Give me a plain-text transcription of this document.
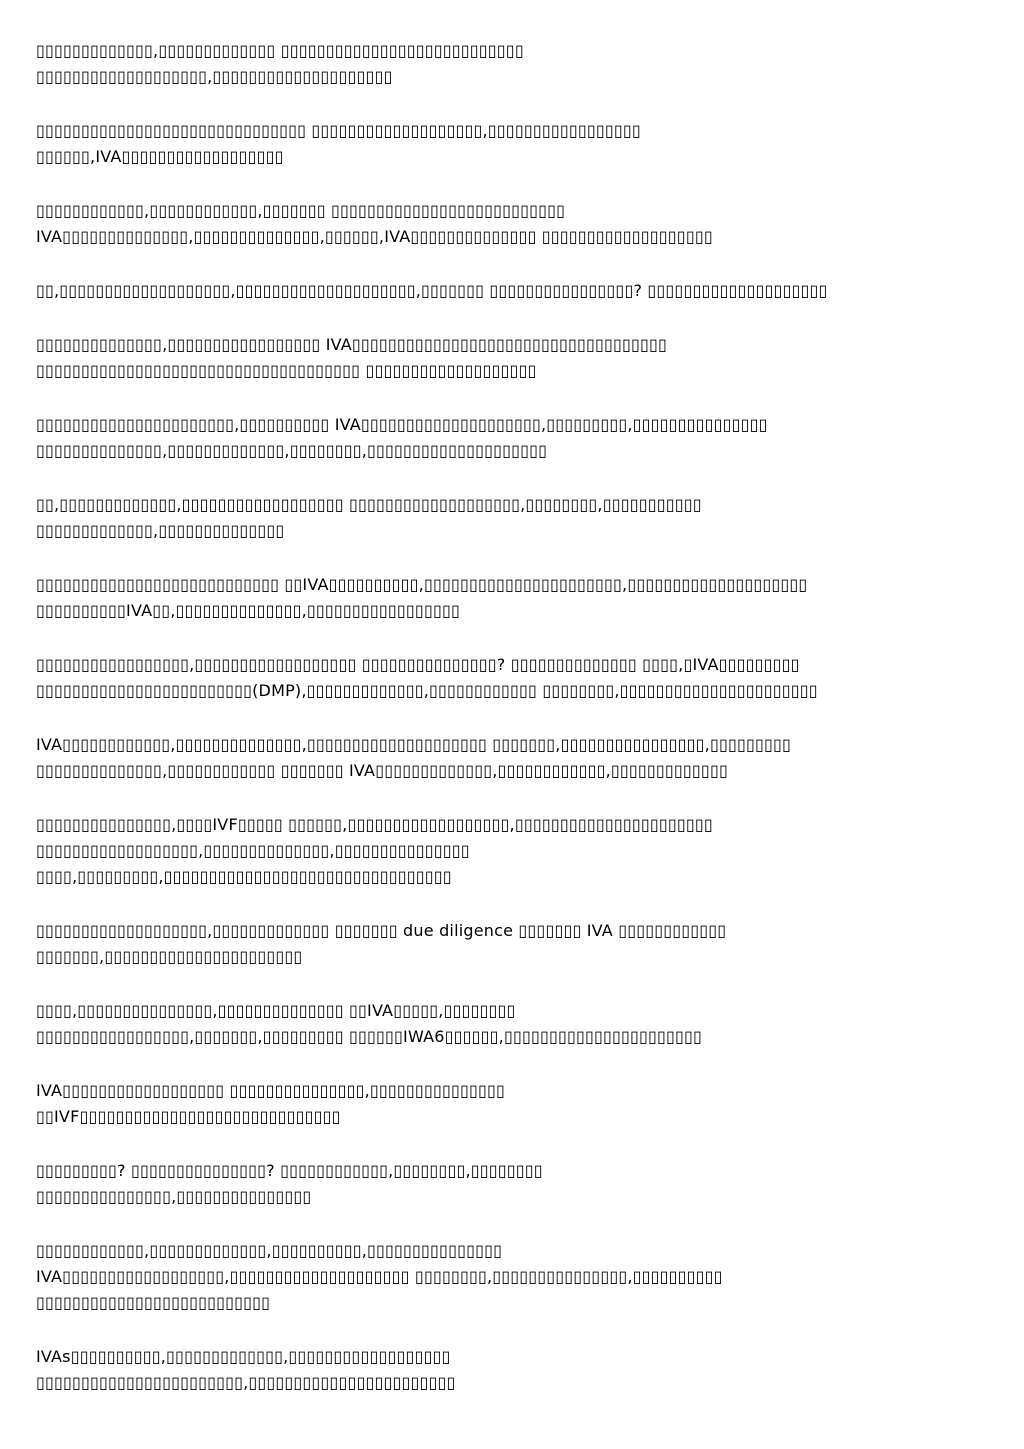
▯▯▯▯▯▯▯▯▯▯▯▯▯,▯▯▯▯▯▯▯▯▯▯▯▯▯ ▯▯▯▯▯▯▯▯▯▯▯▯▯▯▯▯▯▯▯▯▯▯▯▯▯▯▯
▯▯▯▯▯▯▯▯▯▯▯▯▯▯▯▯▯▯▯,▯▯▯▯▯▯▯▯▯▯▯▯▯▯▯▯▯▯▯▯
▯▯▯▯▯▯▯▯▯▯▯▯▯▯▯▯▯▯▯▯▯▯▯▯▯▯▯▯▯▯ ▯▯▯▯▯▯▯▯▯▯▯▯▯▯▯▯▯▯▯,▯▯▯▯▯▯▯▯▯▯▯▯▯▯▯▯▯
▯▯▯▯▯▯,IVA▯▯▯▯▯▯▯▯▯▯▯▯▯▯▯▯▯▯
▯▯▯▯▯▯▯▯▯▯▯▯,▯▯▯▯▯▯▯▯▯▯▯▯,▯▯▯▯▯▯▯ ▯▯▯▯▯▯▯▯▯▯▯▯▯▯▯▯▯▯▯▯▯▯▯▯▯▯
IVA▯▯▯▯▯▯▯▯▯▯▯▯▯▯,▯▯▯▯▯▯▯▯▯▯▯▯▯▯,▯▯▯▯▯▯,IVA▯▯▯▯▯▯▯▯▯▯▯▯▯▯ ▯▯▯▯▯▯▯▯▯▯▯▯▯▯▯▯▯▯▯
▯▯,▯▯▯▯▯▯▯▯▯▯▯▯▯▯▯▯▯▯▯,▯▯▯▯▯▯▯▯▯▯▯▯▯▯▯▯▯▯▯▯,▯▯▯▯▯▯▯ ▯▯▯▯▯▯▯▯▯▯▯▯▯▯▯▯? ▯▯▯▯▯▯▯▯▯▯▯▯▯▯▯▯▯▯▯▯
▯▯▯▯▯▯▯▯▯▯▯▯▯▯,▯▯▯▯▯▯▯▯▯▯▯▯▯▯▯▯▯ IVA▯▯▯▯▯▯▯▯▯▯▯▯▯▯▯▯▯▯▯▯▯▯▯▯▯▯▯▯▯▯▯▯▯▯▯
▯▯▯▯▯▯▯▯▯▯▯▯▯▯▯▯▯▯▯▯▯▯▯▯▯▯▯▯▯▯▯▯▯▯▯▯ ▯▯▯▯▯▯▯▯▯▯▯▯▯▯▯▯▯▯▯
▯▯▯▯▯▯▯▯▯▯▯▯▯▯▯▯▯▯▯▯▯▯,▯▯▯▯▯▯▯▯▯▯ IVA▯▯▯▯▯▯▯▯▯▯▯▯▯▯▯▯▯▯▯▯,▯▯▯▯▯▯▯▯▯,▯▯▯▯▯▯▯▯▯▯▯▯▯▯▯
▯▯▯▯▯▯▯▯▯▯▯▯▯▯,▯▯▯▯▯▯▯▯▯▯▯▯▯,▯▯▯▯▯▯▯▯,▯▯▯▯▯▯▯▯▯▯▯▯▯▯▯▯▯▯▯▯
▯▯,▯▯▯▯▯▯▯▯▯▯▯▯▯,▯▯▯▯▯▯▯▯▯▯▯▯▯▯▯▯▯▯ ▯▯▯▯▯▯▯▯▯▯▯▯▯▯▯▯▯▯▯,▯▯▯▯▯▯▯▯,▯▯▯▯▯▯▯▯▯▯▯
▯▯▯▯▯▯▯▯▯▯▯▯▯,▯▯▯▯▯▯▯▯▯▯▯▯▯▯
▯▯▯▯▯▯▯▯▯▯▯▯▯▯▯▯▯▯▯▯▯▯▯▯▯▯▯ ▯▯IVA▯▯▯▯▯▯▯▯▯▯,▯▯▯▯▯▯▯▯▯▯▯▯▯▯▯▯▯▯▯▯▯▯,▯▯▯▯▯▯▯▯▯▯▯▯▯▯▯▯▯▯▯▯
▯▯▯▯▯▯▯▯▯▯IVA▯▯,▯▯▯▯▯▯▯▯▯▯▯▯▯▯,▯▯▯▯▯▯▯▯▯▯▯▯▯▯▯▯▯
▯▯▯▯▯▯▯▯▯▯▯▯▯▯▯▯▯,▯▯▯▯▯▯▯▯▯▯▯▯▯▯▯▯▯▯ ▯▯▯▯▯▯▯▯▯▯▯▯▯▯▯? ▯▯▯▯▯▯▯▯▯▯▯▯▯▯ ▯▯▯▯,▯IVA▯▯▯▯▯▯▯▯▯
▯▯▯▯▯▯▯▯▯▯▯▯▯▯▯▯▯▯▯▯▯▯▯▯(DMP),▯▯▯▯▯▯▯▯▯▯▯▯▯,▯▯▯▯▯▯▯▯▯▯▯▯ ▯▯▯▯▯▯▯▯,▯▯▯▯▯▯▯▯▯▯▯▯▯▯▯▯▯▯▯▯▯▯
IVA▯▯▯▯▯▯▯▯▯▯▯▯,▯▯▯▯▯▯▯▯▯▯▯▯▯▯,▯▯▯▯▯▯▯▯▯▯▯▯▯▯▯▯▯▯▯▯ ▯▯▯▯▯▯▯,▯▯▯▯▯▯▯▯▯▯▯▯▯▯▯▯,▯▯▯▯▯▯▯▯▯
▯▯▯▯▯▯▯▯▯▯▯▯▯▯,▯▯▯▯▯▯▯▯▯▯▯▯ ▯▯▯▯▯▯▯ IVA▯▯▯▯▯▯▯▯▯▯▯▯▯,▯▯▯▯▯▯▯▯▯▯▯▯,▯▯▯▯▯▯▯▯▯▯▯▯▯
▯▯▯▯▯▯▯▯▯▯▯▯▯▯▯,▯▯▯▯IVF▯▯▯▯▯ ▯▯▯▯▯▯,▯▯▯▯▯▯▯▯▯▯▯▯▯▯▯▯▯▯,▯▯▯▯▯▯▯▯▯▯▯▯▯▯▯▯▯▯▯▯▯▯
▯▯▯▯▯▯▯▯▯▯▯▯▯▯▯▯▯▯,▯▯▯▯▯▯▯▯▯▯▯▯▯▯,▯▯▯▯▯▯▯▯▯▯▯▯▯▯▯
▯▯▯▯,▯▯▯▯▯▯▯▯▯,▯▯▯▯▯▯▯▯▯▯▯▯▯▯▯▯▯▯▯▯▯▯▯▯▯▯▯▯▯▯▯▯
▯▯▯▯▯▯▯▯▯▯▯▯▯▯▯▯▯▯▯,▯▯▯▯▯▯▯▯▯▯▯▯▯ ▯▯▯▯▯▯▯ due diligence ▯▯▯▯▯▯▯ IVA ▯▯▯▯▯▯▯▯▯▯▯▯
▯▯▯▯▯▯▯,▯▯▯▯▯▯▯▯▯▯▯▯▯▯▯▯▯▯▯▯▯▯
▯▯▯▯,▯▯▯▯▯▯▯▯▯▯▯▯▯▯▯,▯▯▯▯▯▯▯▯▯▯▯▯▯▯ ▯▯IVA▯▯▯▯▯,▯▯▯▯▯▯▯▯
▯▯▯▯▯▯▯▯▯▯▯▯▯▯▯▯▯,▯▯▯▯▯▯▯,▯▯▯▯▯▯▯▯▯ ▯▯▯▯▯▯IWA6▯▯▯▯▯▯,▯▯▯▯▯▯▯▯▯▯▯▯▯▯▯▯▯▯▯▯▯▯
IVA▯▯▯▯▯▯▯▯▯▯▯▯▯▯▯▯▯▯ ▯▯▯▯▯▯▯▯▯▯▯▯▯▯▯,▯▯▯▯▯▯▯▯▯▯▯▯▯▯▯
▯▯IVF▯▯▯▯▯▯▯▯▯▯▯▯▯▯▯▯▯▯▯▯▯▯▯▯▯▯▯▯▯
▯▯▯▯▯▯▯▯▯? ▯▯▯▯▯▯▯▯▯▯▯▯▯▯▯? ▯▯▯▯▯▯▯▯▯▯▯▯,▯▯▯▯▯▯▯▯,▯▯▯▯▯▯▯▯
▯▯▯▯▯▯▯▯▯▯▯▯▯▯▯,▯▯▯▯▯▯▯▯▯▯▯▯▯▯▯
▯▯▯▯▯▯▯▯▯▯▯▯,▯▯▯▯▯▯▯▯▯▯▯▯▯,▯▯▯▯▯▯▯▯▯▯,▯▯▯▯▯▯▯▯▯▯▯▯▯▯▯
IVA▯▯▯▯▯▯▯▯▯▯▯▯▯▯▯▯▯▯,▯▯▯▯▯▯▯▯▯▯▯▯▯▯▯▯▯▯▯▯ ▯▯▯▯▯▯▯▯,▯▯▯▯▯▯▯▯▯▯▯▯▯▯▯,▯▯▯▯▯▯▯▯▯▯
▯▯▯▯▯▯▯▯▯▯▯▯▯▯▯▯▯▯▯▯▯▯▯▯▯▯
IVAs▯▯▯▯▯▯▯▯▯▯,▯▯▯▯▯▯▯▯▯▯▯▯▯,▯▯▯▯▯▯▯▯▯▯▯▯▯▯▯▯▯▯
▯▯▯▯▯▯▯▯▯▯▯▯▯▯▯▯▯▯▯▯▯▯▯,▯▯▯▯▯▯▯▯▯▯▯▯▯▯▯▯▯▯▯▯▯▯▯
